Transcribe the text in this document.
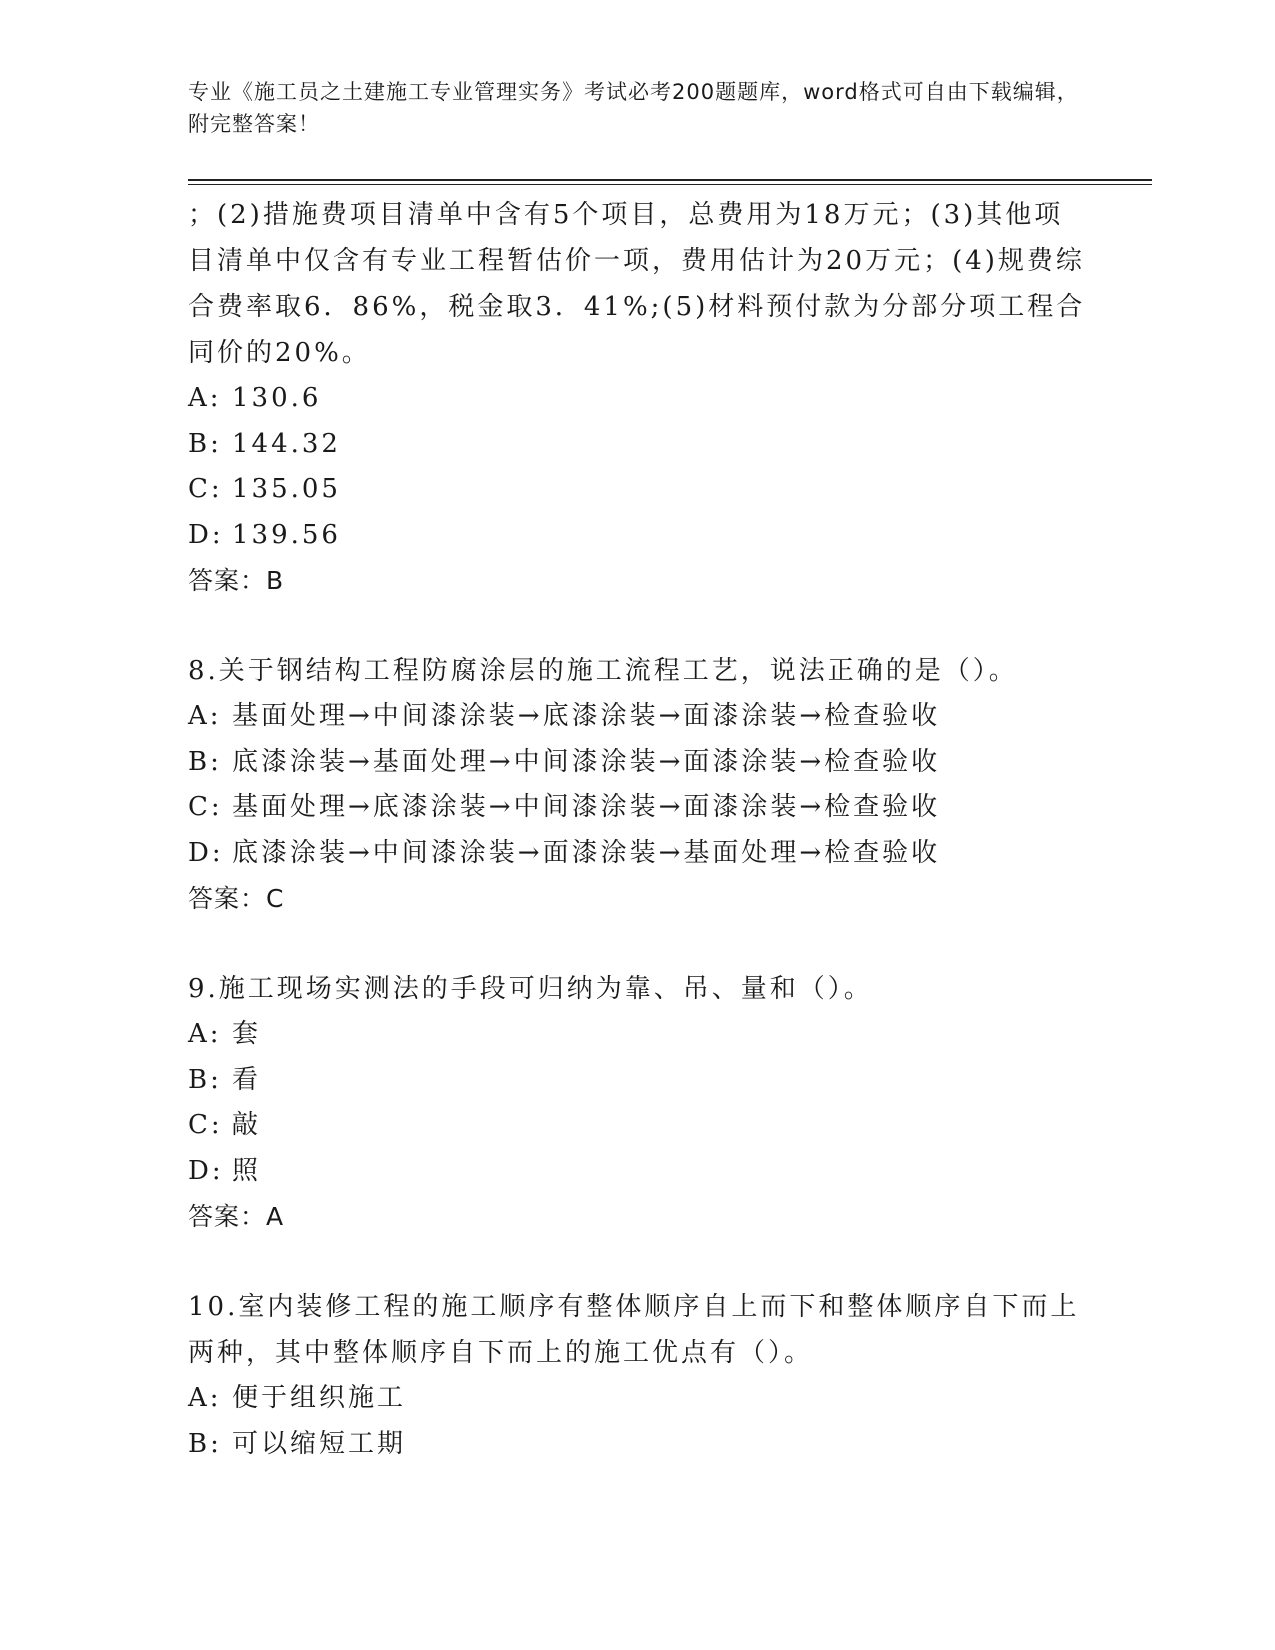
专业《施工员之土建施工专业管理实务》考试必考200题题库，word格式可自由下载编辑，附完整答案！
；(2)措施费项目清单中含有5个项目，总费用为18万元；(3)其他项目清单中仅含有专业工程暂估价一项，费用估计为20万元；(4)规费综合费率取6．86%，税金取3．41%;(5)材料预付款为分部分项工程合同价的20%。
A: 130.6
B: 144.32
C: 135.05
D: 139.56
答案：B
8.关于钢结构工程防腐涂层的施工流程工艺，说法正确的是（）。
A: 基面处理→中间漆涂装→底漆涂装→面漆涂装→检查验收
B: 底漆涂装→基面处理→中间漆涂装→面漆涂装→检查验收
C: 基面处理→底漆涂装→中间漆涂装→面漆涂装→检查验收
D: 底漆涂装→中间漆涂装→面漆涂装→基面处理→检查验收
答案：C
9.施工现场实测法的手段可归纳为靠、吊、量和（）。
A: 套
B: 看
C: 敲
D: 照
答案：A
10.室内装修工程的施工顺序有整体顺序自上而下和整体顺序自下而上两种，其中整体顺序自下而上的施工优点有（）。
A: 便于组织施工
B: 可以缩短工期
